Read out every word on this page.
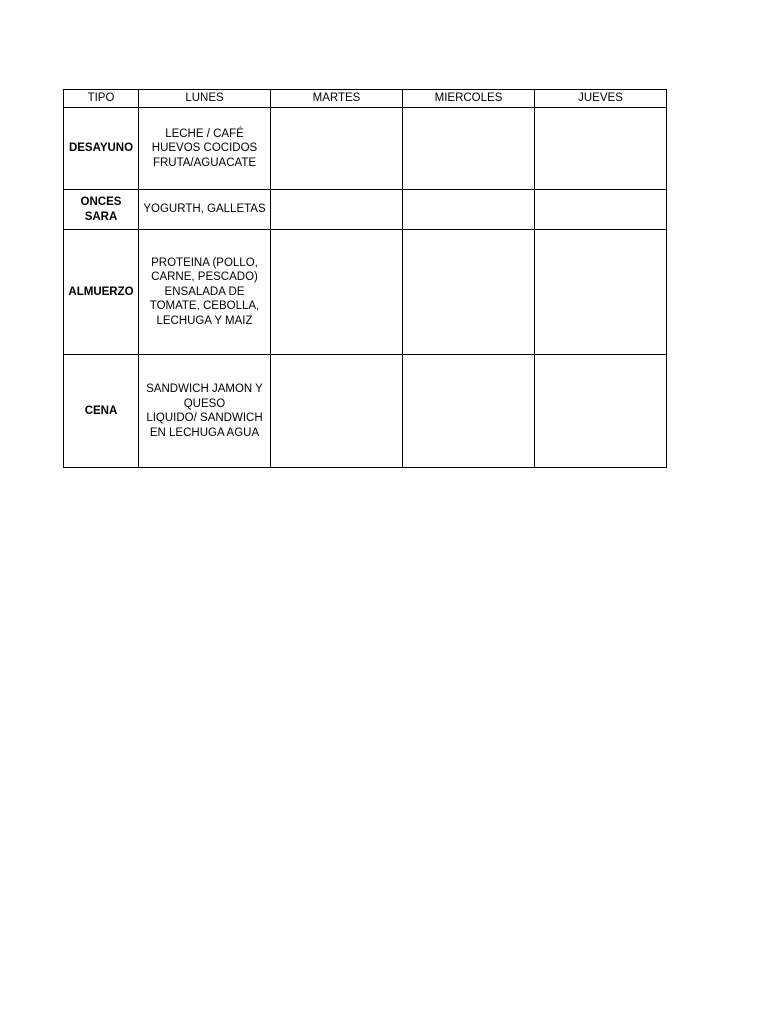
TIPO	LUNES	MARTES	MIERCOLES	JUEVES
DESAYUNO	LECHE / CAFÉ
HUEVOS COCIDOS
FRUTA/AGUACATE			
ONCES
SARA	YOGURTH, GALLETAS			
ALMUERZO	PROTEINA (POLLO,
CARNE, PESCADO)
ENSALADA DE
TOMATE, CEBOLLA,
LECHUGA Y MAIZ			
CENA	SANDWICH JAMON Y
QUESO
LIQUIDO/ SANDWICH
EN LECHUGA AGUA			
